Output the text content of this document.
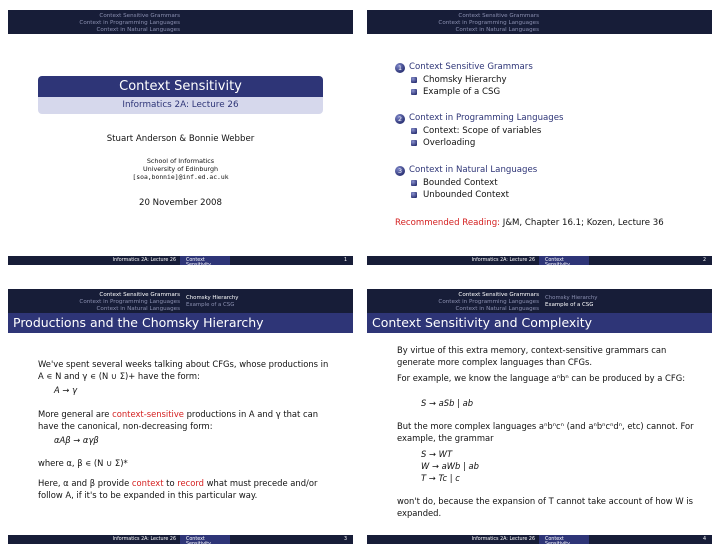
Context Sensitive Grammars
Context in Programming Languages
Context in Natural Languages
Context Sensitivity
Informatics 2A: Lecture 26
Stuart Anderson & Bonnie Webber
School of Informatics
University of Edinburgh
[soa,bonnie]@inf.ed.ac.uk
20 November 2008
Informatics 2A: Lecture 26 Context Sensitivity
1
Context Sensitive Grammars
Context in Programming Languages
Context in Natural Languages
1 Context Sensitive Grammars
Chomsky Hierarchy
Example of a CSG
2 Context in Programming Languages
Context: Scope of variables
Overloading
3 Context in Natural Languages
Bounded Context
Unbounded Context
Recommended Reading: J&M, Chapter 16.1; Kozen, Lecture 36
Informatics 2A: Lecture 26 Context Sensitivity
2
Context Sensitive Grammars
Context in Programming Languages
Context in Natural Languages
Chomsky Hierarchy
Example of a CSG
Productions and the Chomsky Hierarchy
We've spent several weeks talking about CFGs, whose productions in A ∊ N and γ ∊ (N ∪ Σ)+ have the form:
A → γ
More general are context-sensitive productions in A and γ that can have the canonical, non-decreasing form:
αAβ → αγβ
where α, β ∊ (N ∪ Σ)*
Here, α and β provide context to record what must precede and/or follow A, if it's to be expanded in this particular way.
Informatics 2A: Lecture 26 Context Sensitivity
3
Context Sensitive Grammars
Context in Programming Languages
Context in Natural Languages
Chomsky Hierarchy
Example of a CSG
Context Sensitivity and Complexity
By virtue of this extra memory, context-sensitive grammars can generate more complex languages than CFGs.
For example, we know the language aⁿbⁿ can be produced by a CFG:
S → aSb | ab
But the more complex languages aⁿbⁿcⁿ (and aⁿbⁿcⁿdⁿ, etc) cannot. For example, the grammar
S → WT
W → aWb | ab
T → Tc | c
won't do, because the expansion of T cannot take account of how W is expanded.
Informatics 2A: Lecture 26 Context Sensitivity
4
